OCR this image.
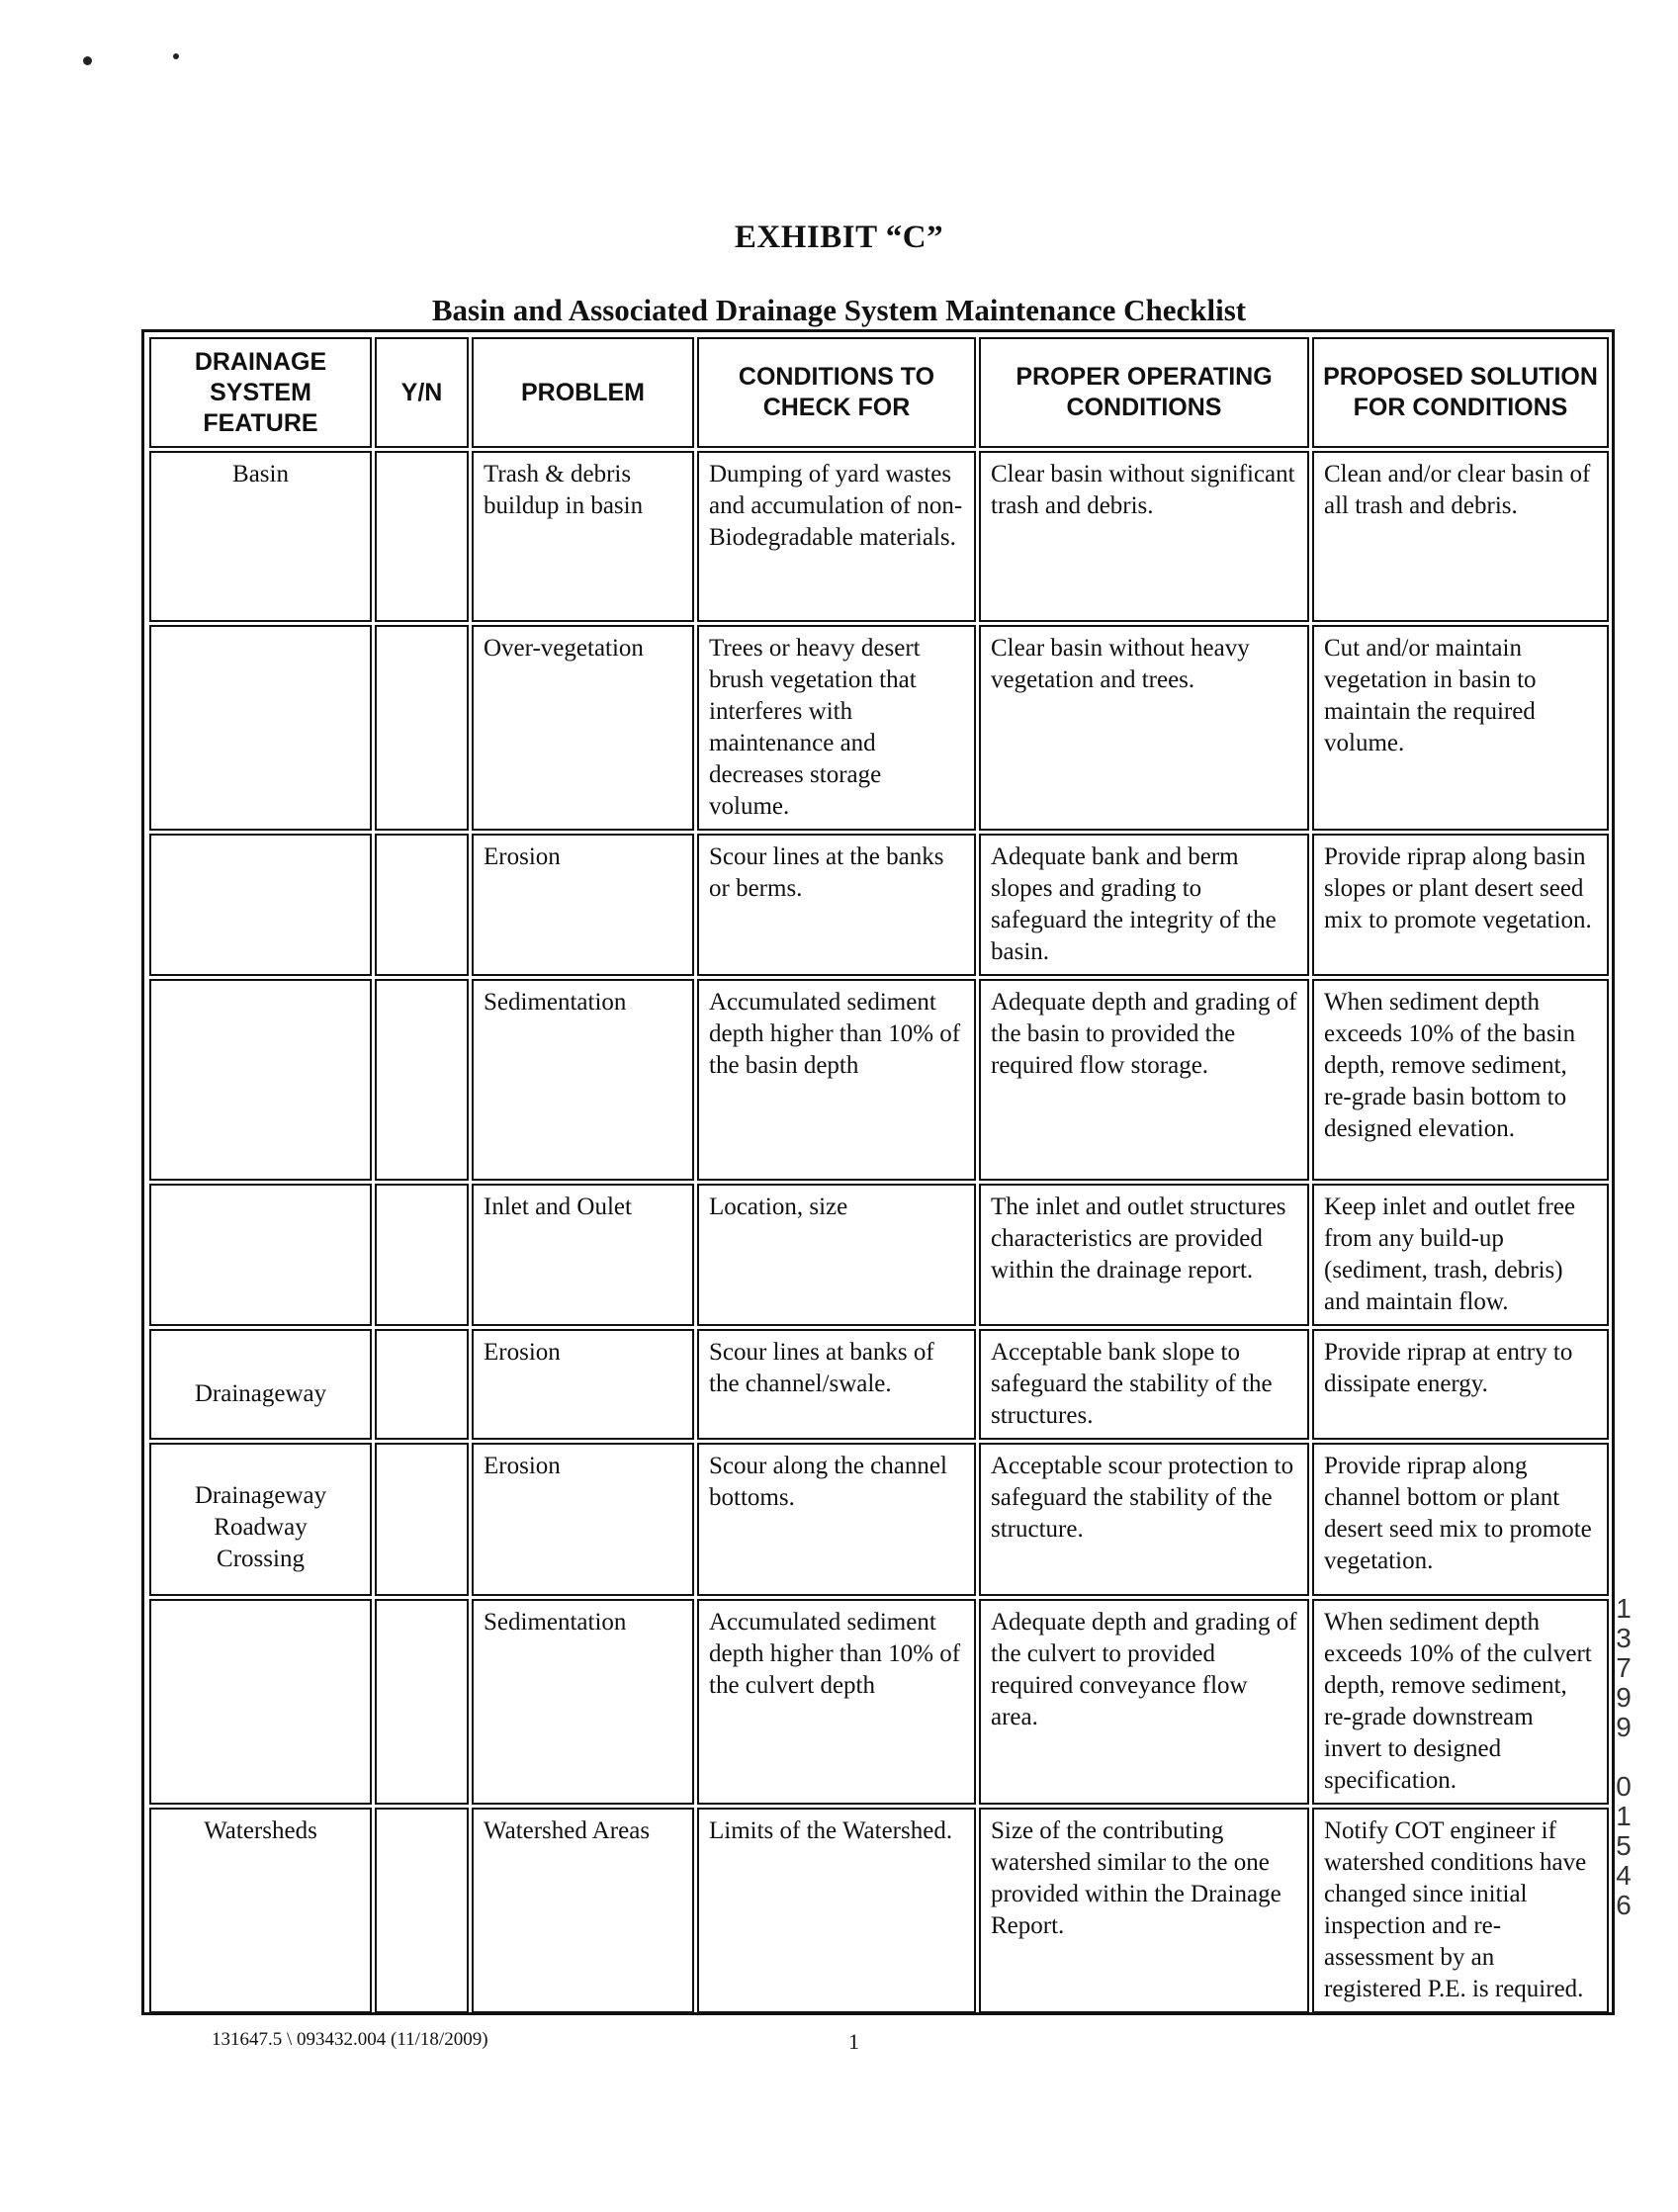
EXHIBIT “C”
Basin and Associated Drainage System Maintenance Checklist
DRAINAGE SYSTEM FEATURE	Y/N	PROBLEM	CONDITIONS TO CHECK FOR	PROPER OPERATING CONDITIONS	PROPOSED SOLUTION FOR CONDITIONS
Basin		Trash & debris buildup in basin	Dumping of yard wastes and accumulation of non-Biodegradable materials.	Clear basin without significant trash and debris.	Clean and/or clear basin of all trash and debris.
		Over-vegetation	Trees or heavy desert brush vegetation that interferes with maintenance and decreases storage volume.	Clear basin without heavy vegetation and trees.	Cut and/or maintain vegetation in basin to maintain the required volume.
		Erosion	Scour lines at the banks or berms.	Adequate bank and berm slopes and grading to safeguard the integrity of the basin.	Provide riprap along basin slopes or plant desert seed mix to promote vegetation.
		Sedimentation	Accumulated sediment depth higher than 10% of the basin depth	Adequate depth and grading of the basin to provided the required flow storage.	When sediment depth exceeds 10% of the basin depth, remove sediment, re-grade basin bottom to designed elevation.
		Inlet and Oulet	Location, size	The inlet and outlet structures characteristics are provided within the drainage report.	Keep inlet and outlet free from any build-up (sediment, trash, debris) and maintain flow.
Drainageway		Erosion	Scour lines at banks of the channel/swale.	Acceptable bank slope to safeguard the stability of the structures.	Provide riprap at entry to dissipate energy.

Drainageway
Roadway
Crossing		Erosion	Scour along the channel bottoms.	Acceptable scour protection to safeguard the stability of the structure.	Provide riprap along channel bottom or plant desert seed mix to promote vegetation.
		Sedimentation	Accumulated sediment depth higher than 10% of the culvert depth	Adequate depth and grading of the culvert to provided required conveyance flow area.	When sediment depth exceeds 10% of the culvert depth, remove sediment, re-grade downstream invert to designed specification.
Watersheds		Watershed Areas	Limits of the Watershed.	Size of the contributing watershed similar to the one provided within the Drainage Report.	Notify COT engineer if watershed conditions have changed since initial inspection and re-assessment by an registered P.E. is required.
1
3
7
9
9

0
1
5
4
6
131647.5 \ 093432.004 (11/18/2009)	1
